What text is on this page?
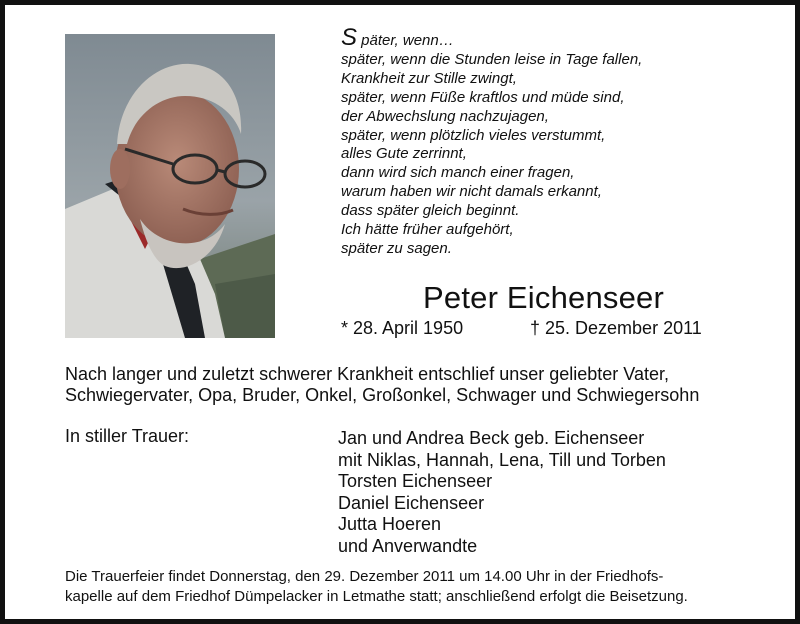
S päter, wenn…
später, wenn die Stunden leise in Tage fallen,
Krankheit zur Stille zwingt,
später, wenn Füße kraftlos und müde sind,
der Abwechslung nachzujagen,
später, wenn plötzlich vieles verstummt,
alles Gute zerrinnt,
dann wird sich manch einer fragen,
warum haben wir nicht damals erkannt,
dass später gleich beginnt.
Ich hätte früher aufgehört,
später zu sagen.
Peter Eichenseer
* 28. April 1950	† 25. Dezember 2011
Nach langer und zuletzt schwerer Krankheit entschlief unser geliebter Vater,
Schwiegervater, Opa, Bruder, Onkel, Großonkel, Schwager und Schwiegersohn
In stiller Trauer:	Jan und Andrea Beck geb. Eichenseer
mit Niklas, Hannah, Lena, Till und Torben
Torsten Eichenseer
Daniel Eichenseer
Jutta Hoeren
und Anverwandte
Die Trauerfeier findet Donnerstag, den 29. Dezember 2011 um 14.00 Uhr in der Friedhofs-
kapelle auf dem Friedhof Dümpelacker in Letmathe statt; anschließend erfolgt die Beisetzung.
